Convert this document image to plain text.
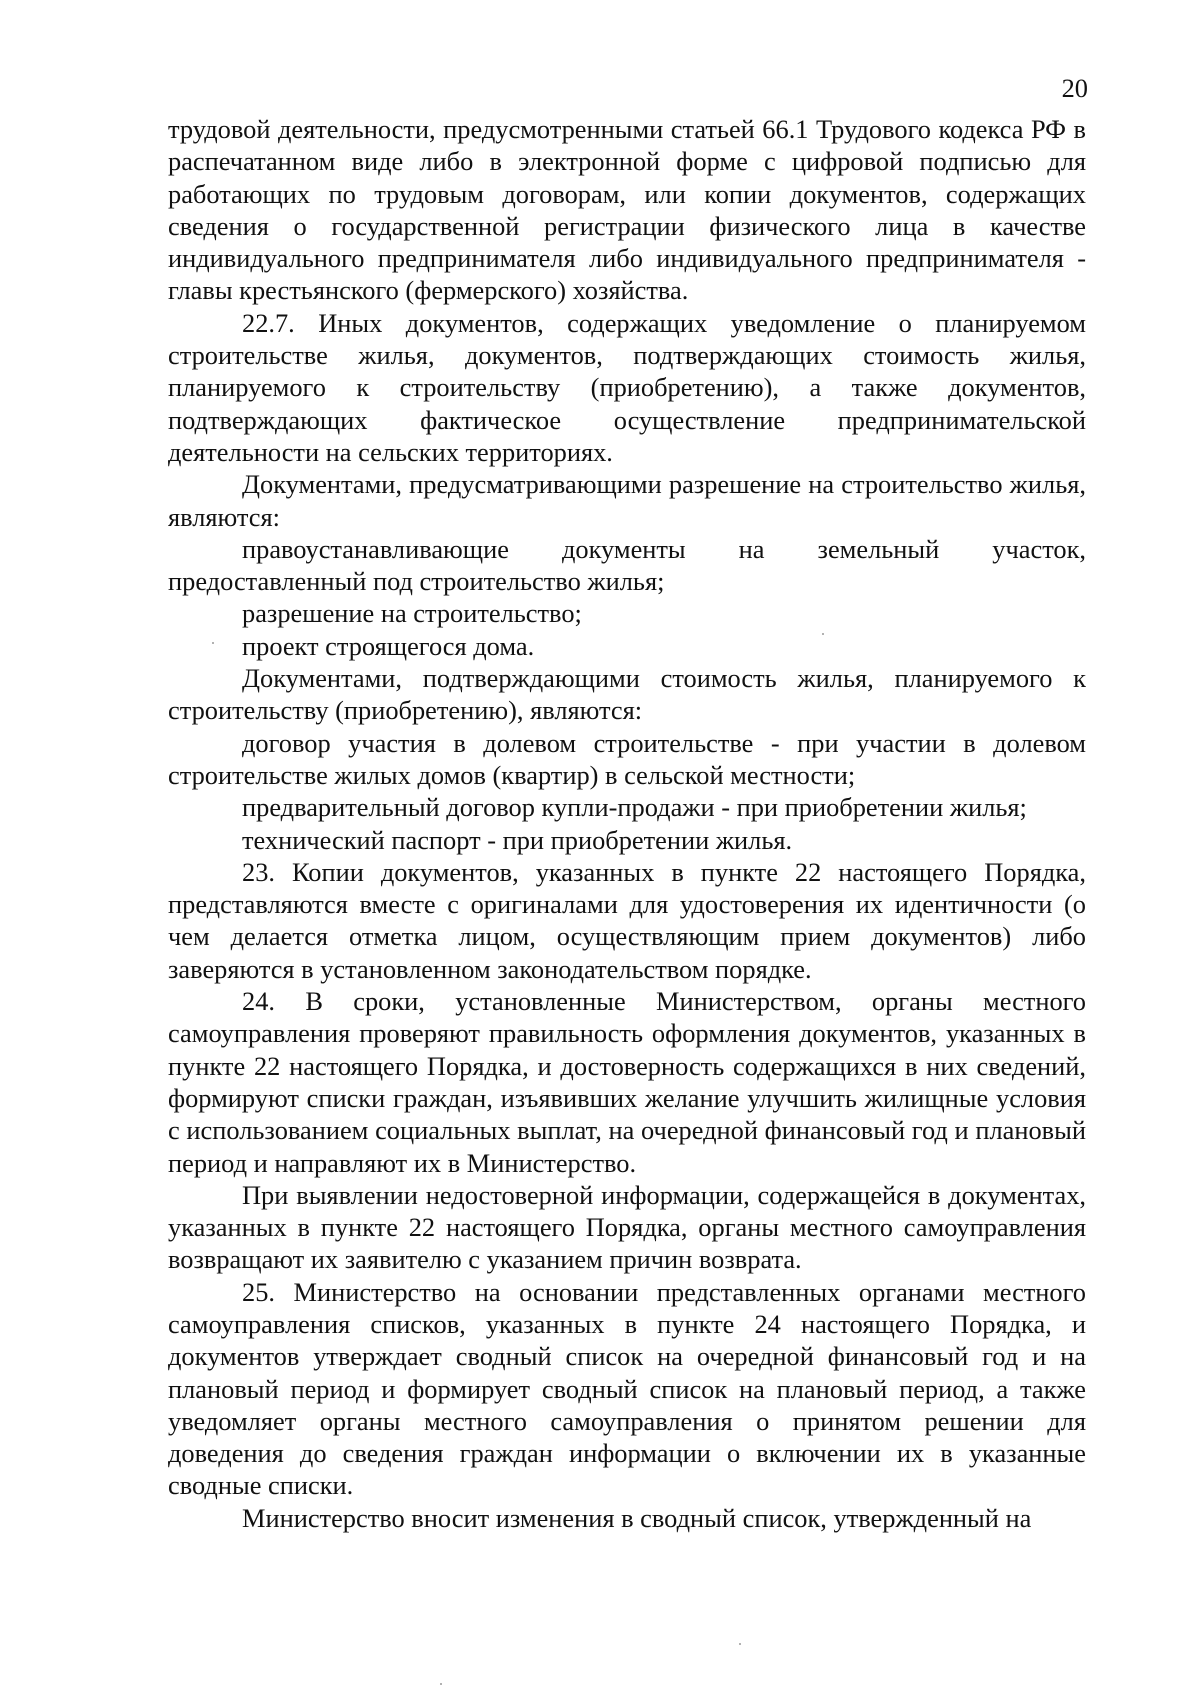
20

трудовой деятельности, предусмотренными статьей 66.1 Трудового кодекса РФ в распечатанном виде либо в электронной форме с цифровой подписью для работающих по трудовым договорам, или копии документов, содержащих сведения о государственной регистрации физического лица в качестве индивидуального предпринимателя либо индивидуального предпринимателя - главы крестьянского (фермерского) хозяйства.

22.7. Иных документов, содержащих уведомление о планируемом строительстве жилья, документов, подтверждающих стоимость жилья, планируемого к строительству (приобретению), а также документов, подтверждающих фактическое осуществление предпринимательской деятельности на сельских территориях.

Документами, предусматривающими разрешение на строительство жилья, являются:

правоустанавливающие документы на земельный участок, предоставленный под строительство жилья;

разрешение на строительство;

проект строящегося дома.

Документами, подтверждающими стоимость жилья, планируемого к строительству (приобретению), являются:

договор участия в долевом строительстве - при участии в долевом строительстве жилых домов (квартир) в сельской местности;

предварительный договор купли-продажи - при приобретении жилья;

технический паспорт - при приобретении жилья.

23. Копии документов, указанных в пункте 22 настоящего Порядка, представляются вместе с оригиналами для удостоверения их идентичности (о чем делается отметка лицом, осуществляющим прием документов) либо заверяются в установленном законодательством порядке.

24. В сроки, установленные Министерством, органы местного самоуправления проверяют правильность оформления документов, указанных в пункте 22 настоящего Порядка, и достоверность содержащихся в них сведений, формируют списки граждан, изъявивших желание улучшить жилищные условия с использованием социальных выплат, на очередной финансовый год и плановый период и направляют их в Министерство.

При выявлении недостоверной информации, содержащейся в документах, указанных в пункте 22 настоящего Порядка, органы местного самоуправления возвращают их заявителю с указанием причин возврата.

25. Министерство на основании представленных органами местного самоуправления списков, указанных в пункте 24 настоящего Порядка, и документов утверждает сводный список на очередной финансовый год и на плановый период и формирует сводный список на плановый период, а также уведомляет органы местного самоуправления о принятом решении для доведения до сведения граждан информации о включении их в указанные сводные списки.

Министерство вносит изменения в сводный список, утвержденный на
